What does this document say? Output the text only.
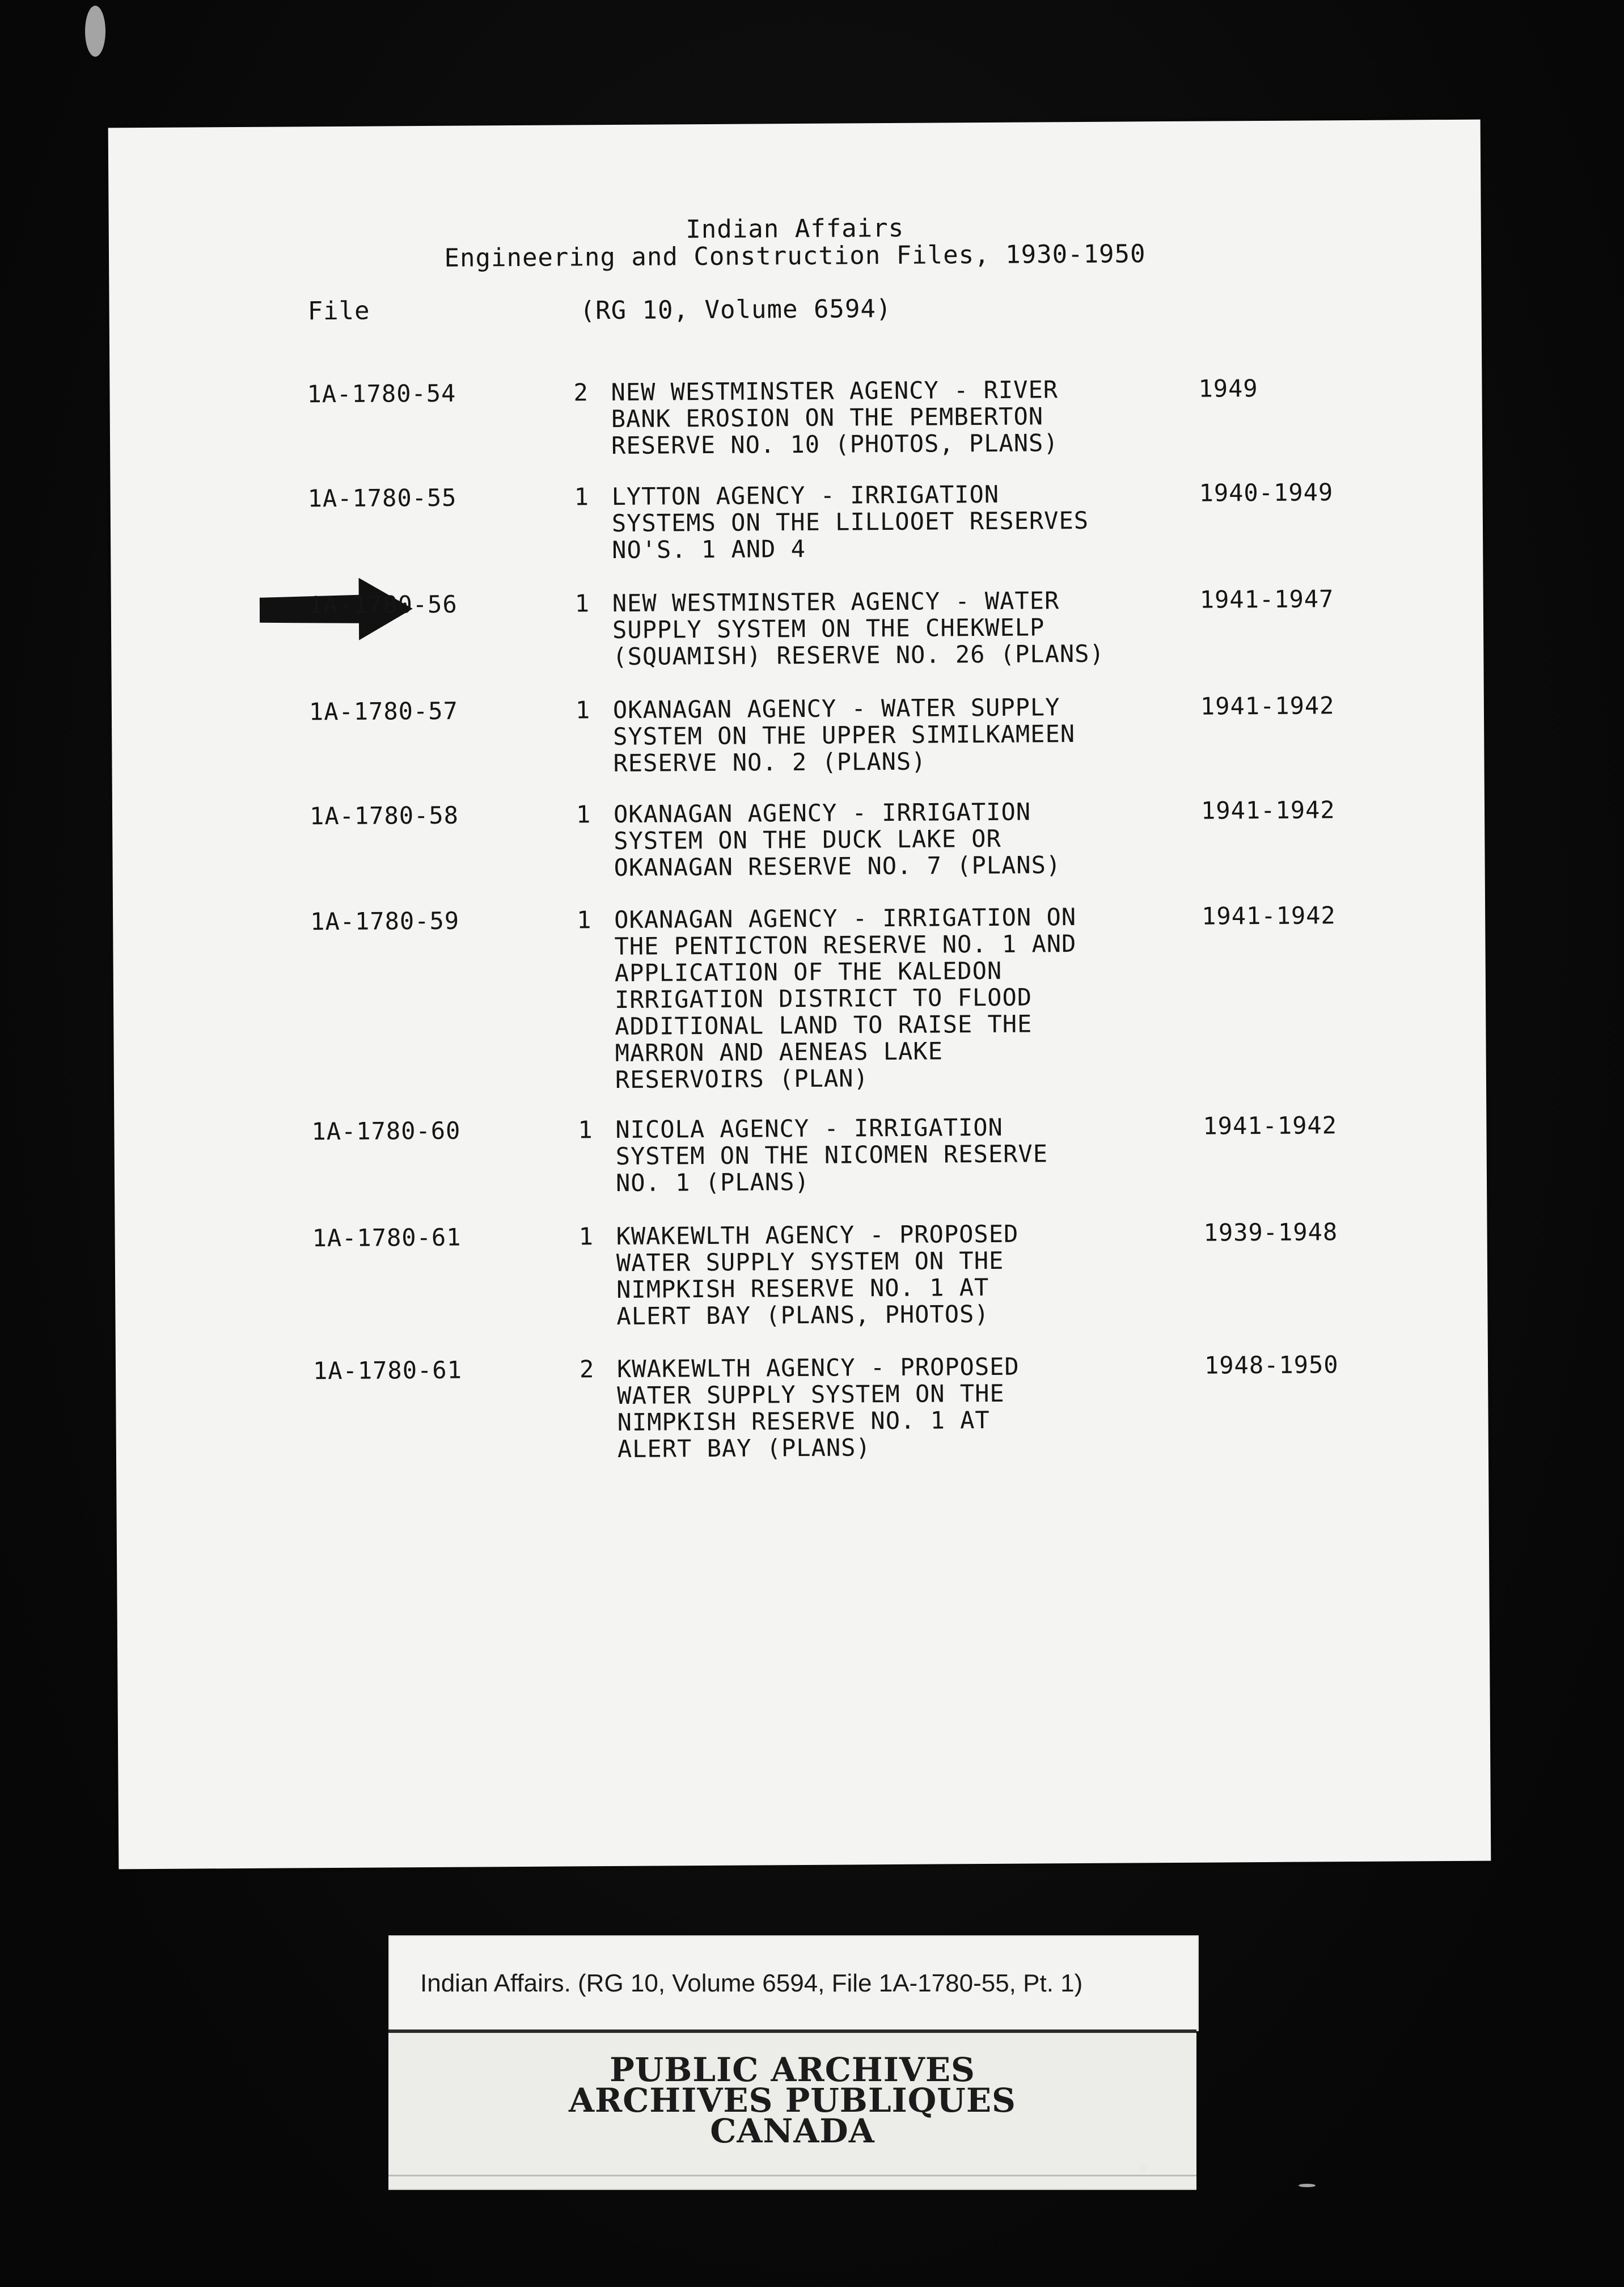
Indian Affairs
Engineering and Construction Files, 1930-1950
File	(RG 10, Volume 6594)
1A-1780-54	2 NEW WESTMINSTER AGENCY - RIVER
BANK EROSION ON THE PEMBERTON
RESERVE NO. 10 (PHOTOS, PLANS)
1949
1A-1780-55	1 LYTTON AGENCY - IRRIGATION
SYSTEMS ON THE LILLOOET RESERVES
NO'S. 1 AND 4
1940-1949
1A-1780-56	1 NEW WESTMINSTER AGENCY - WATER
SUPPLY SYSTEM ON THE CHEKWELP
(SQUAMISH) RESERVE NO. 26 (PLANS)
1941-1947
1A-1780-57	1 OKANAGAN AGENCY - WATER SUPPLY
SYSTEM ON THE UPPER SIMILKAMEEN
RESERVE NO. 2 (PLANS)
1941-1942
1A-1780-58	1 OKANAGAN AGENCY - IRRIGATION
SYSTEM ON THE DUCK LAKE OR
OKANAGAN RESERVE NO. 7 (PLANS)
1941-1942
1A-1780-59	1 OKANAGAN AGENCY - IRRIGATION ON
THE PENTICTON RESERVE NO. 1 AND
APPLICATION OF THE KALEDON
IRRIGATION DISTRICT TO FLOOD
ADDITIONAL LAND TO RAISE THE
MARRON AND AENEAS LAKE
RESERVOIRS (PLAN)
1941-1942
1A-1780-60	1 NICOLA AGENCY - IRRIGATION
SYSTEM ON THE NICOMEN RESERVE
NO. 1 (PLANS)
1941-1942
1A-1780-61	1 KWAKEWLTH AGENCY - PROPOSED
WATER SUPPLY SYSTEM ON THE
NIMPKISH RESERVE NO. 1 AT
ALERT BAY (PLANS, PHOTOS)
1939-1948
1A-1780-61	2 KWAKEWLTH AGENCY - PROPOSED
WATER SUPPLY SYSTEM ON THE
NIMPKISH RESERVE NO. 1 AT
ALERT BAY (PLANS)
1948-1950
Indian Affairs. (RG 10, Volume 6594, File 1A-1780-55, Pt. 1)
PUBLIC ARCHIVES
ARCHIVES PUBLIQUES
CANADA
